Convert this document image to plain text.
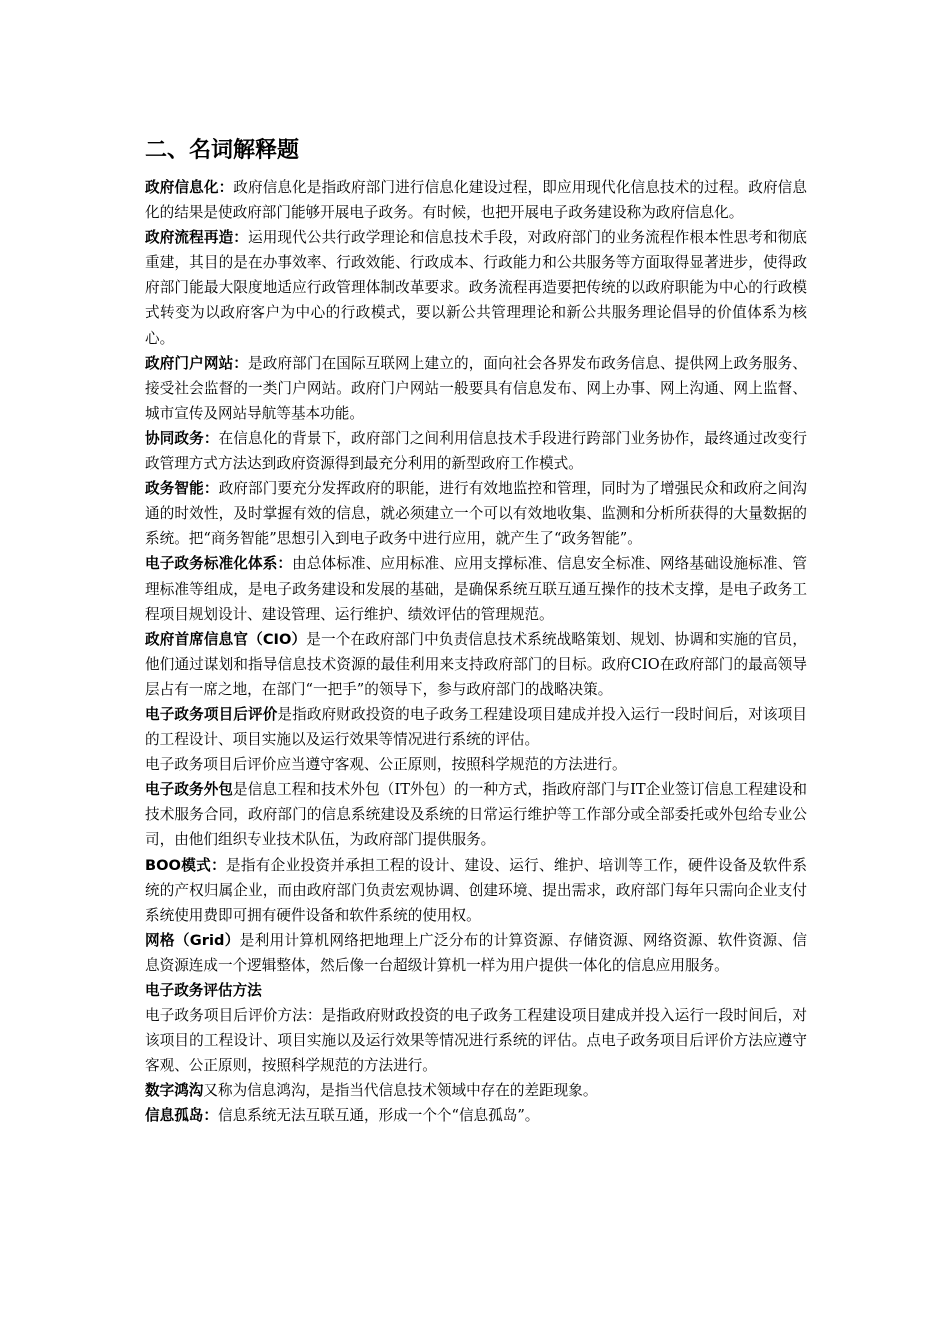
二、名词解释题

政府信息化：政府信息化是指政府部门进行信息化建设过程，即应用现代化信息技术的过程。政府信息化的结果是使政府部门能够开展电子政务。有时候，也把开展电子政务建设称为政府信息化。

政府流程再造：运用现代公共行政学理论和信息技术手段，对政府部门的业务流程作根本性思考和彻底重建，其目的是在办事效率、行政效能、行政成本、行政能力和公共服务等方面取得显著进步，使得政府部门能最大限度地适应行政管理体制改革要求。政务流程再造要把传统的以政府职能为中心的行政模式转变为以政府客户为中心的行政模式，要以新公共管理理论和新公共服务理论倡导的价值体系为核心。

政府门户网站：是政府部门在国际互联网上建立的，面向社会各界发布政务信息、提供网上政务服务、接受社会监督的一类门户网站。政府门户网站一般要具有信息发布、网上办事、网上沟通、网上监督、城市宣传及网站导航等基本功能。

协同政务：在信息化的背景下，政府部门之间利用信息技术手段进行跨部门业务协作，最终通过改变行政管理方式方法达到政府资源得到最充分利用的新型政府工作模式。

政务智能：政府部门要充分发挥政府的职能，进行有效地监控和管理，同时为了增强民众和政府之间沟通的时效性，及时掌握有效的信息，就必须建立一个可以有效地收集、监测和分析所获得的大量数据的系统。把“商务智能”思想引入到电子政务中进行应用，就产生了“政务智能”。

电子政务标准化体系：由总体标准、应用标准、应用支撑标准、信息安全标准、网络基础设施标准、管理标准等组成，是电子政务建设和发展的基础，是确保系统互联互通互操作的技术支撑，是电子政务工程项目规划设计、建设管理、运行维护、绩效评估的管理规范。

政府首席信息官（CIO）是一个在政府部门中负责信息技术系统战略策划、规划、协调和实施的官员，他们通过谋划和指导信息技术资源的最佳利用来支持政府部门的目标。政府CIO在政府部门的最高领导层占有一席之地，在部门“一把手”的领导下，参与政府部门的战略决策。

电子政务项目后评价是指政府财政投资的电子政务工程建设项目建成并投入运行一段时间后，对该项目的工程设计、项目实施以及运行效果等情况进行系统的评估。

电子政务项目后评价应当遵守客观、公正原则，按照科学规范的方法进行。

电子政务外包是信息工程和技术外包（IT外包）的一种方式，指政府部门与IT企业签订信息工程建设和技术服务合同，政府部门的信息系统建设及系统的日常运行维护等工作部分或全部委托或外包给专业公司，由他们组织专业技术队伍，为政府部门提供服务。

BOO模式：是指有企业投资并承担工程的设计、建设、运行、维护、培训等工作，硬件设备及软件系统的产权归属企业，而由政府部门负责宏观协调、创建环境、提出需求，政府部门每年只需向企业支付系统使用费即可拥有硬件设备和软件系统的使用权。

网格（Grid）是利用计算机网络把地理上广泛分布的计算资源、存储资源、网络资源、软件资源、信息资源连成一个逻辑整体，然后像一台超级计算机一样为用户提供一体化的信息应用服务。

电子政务评估方法

电子政务项目后评价方法：是指政府财政投资的电子政务工程建设项目建成并投入运行一段时间后，对该项目的工程设计、项目实施以及运行效果等情况进行系统的评估。点电子政务项目后评价方法应遵守客观、公正原则，按照科学规范的方法进行。

数字鸿沟又称为信息鸿沟，是指当代信息技术领域中存在的差距现象。

信息孤岛：信息系统无法互联互通，形成一个个“信息孤岛”。
